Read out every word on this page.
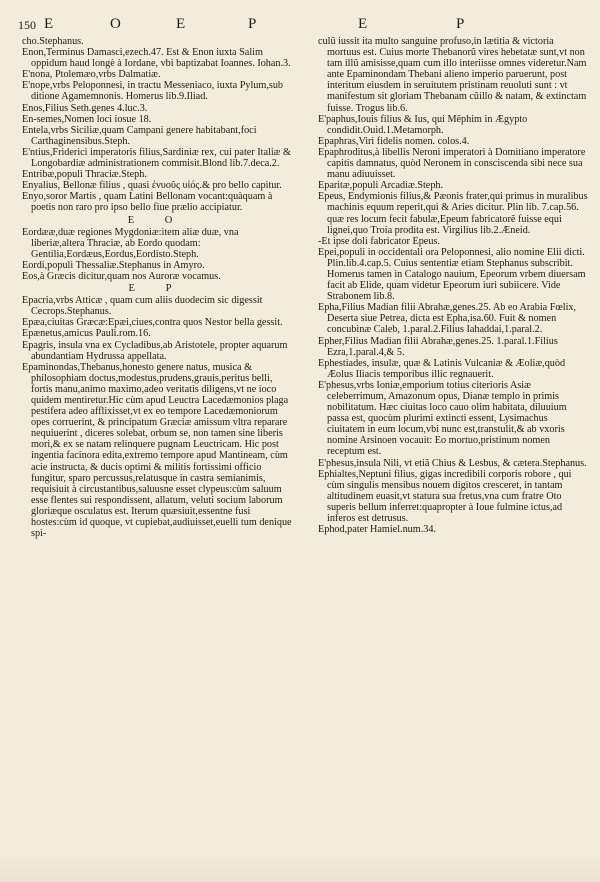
150 E	O	E	P	E	P

cho.Stephanus.

Enon,Terminus Damasci,ezech.47. Est & Enon iuxta Salim oppidum haud longè à Iordane, vbi baptizabat Ioannes. Iohan.3.

E'nona, Ptolemæo,vrbs Dalmatiæ.

E'nope,vrbs Peloponnesi, in tractu Messeniaco, iuxta Pylum,sub ditione Agamemnonis. Homerus lib.9.Iliad.

Enos,Filius Seth.genes 4.luc.3.

En-semes,Nomen loci iosue 18.

Entela,vrbs Siciliæ,quam Campani genere habitabant,foci Carthaginensibus.Steph.

E'ntius,Friderici imperatoris filius,Sardiniæ rex, cui pater Italiæ & Longobardiæ administrationem commisit.Blond lib.7.deca.2.

Entribæ,populi Thraciæ.Steph.

Enyalius, Bellonæ filius , quasi ἐνυοῦς υἱός.& pro bello capitur.

Enyo,soror Martis , quam Latini Bellonam vocant:quàquam à poetis non raro pro ipso bello fiue prælio accipiatur.

E O

Eordææ,duæ regiones Mygdoniæ:item aliæ duæ, vna liberiæ,altera Thraciæ, ab Eordo quodam: Gentilia,Eordæus,Eordus,Eordisto.Steph.

Eordi,populi Thessaliæ.Stephanus in Amyro.

Eos,à Græcis dicitur,quam nos Auroræ vocamus.

E P

Epacria,vrbs Atticæ , quam cum aliis duodecim sic digessit Cecrops.Stephanus.

Epæa,ciuitas Græcæ:Epæi,ciues,contra quos Nestor bella gessit.

Epænetus,amicus Pauli.rom.16.

Epagris, insula vna ex Cycladibus,ab Aristotele, propter aquarum abundantiam Hydrussa appellata.

Epaminondas,Thebanus,honesto genere natus, musica & philosophiam doctus,modestus,prudens,grauis,peritus belli, fortis manu,animo maximo,adeo veritatis diligens,vt ne ioco quidem mentiretur.Hic cùm apud Leuctra Lacedæmonios plaga pestifera adeo afflixisset,vt ex eo tempore Lacedæmoniorum opes corruerint, & principatum Græciæ amissum vltra reparare nequiuerint , diceres solebat, orbum se, non tamen sine liberis mori,& ex se natam relinquere pugnam Leuctricam. Hic post ingentia facinora edita,extremo tempore apud Mantineam, cùm acie instructa, & ducis optimi & militis fortissimi officio fungitur, sparo percussus,relatusque in castra semianimis, requisiuit à circustantibus,saluusne esset clypeus:cùm saluum esse flentes sui respondissent, allatum, veluti socium laborum gloriæque osculatus est. Iterum quæsiuit,essentne fusi hostes:cùm id quoque, vt cupiebat,audiuisset,euelli tum denique spi-

culũ iussit ita multo sanguine profuso,in lætitia & victoria mortuus est. Cuius morte Thebanorũ vires hebetatæ sunt,vt non tam illũ amisisse,quam cum illo interiisse omnes videretur.Nam ante Epaminondam Thebani alieno imperio paruerunt, post interitum eiusdem in seruitutem pristinam reuoluti sunt : vt manifestum sit gloriam Thebanam cũillo & natam, & extinctam fuisse. Trogus lib.6.

E'paphus,Iouis filius & Ius, qui Mẽphim in Ægypto condidit.Ouid.1.Metamorph.

Epaphras,Viri fidelis nomen. colos.4.

Epaphroditus,à libellis Neroni imperatori à Domitiano imperatore capitis damnatus, quòd Neronem in consciscenda sibi nece sua manu adiuuisset.

Eparitæ,populi Arcadiæ.Steph.

Epeus, Endymionis filius,& Pæonis frater,qui primus in muralibus machinis equum reperit,qui & Aries dicitur. Plin lib. 7.cap.56. quæ res locum fecit fabulæ,Epeum fabricatorẽ fuisse equi lignei,quo Troia prodita est. Virgilius lib.2.Æneid.

-Et ipse doli fabricator Epeus.

Epei,populi in occidentali ora Peloponnesi, alio nomine Elii dicti. Plin.lib.4.cap.5. Cuius sententiæ etiam Stephanus subscribit. Homerus tamen in Catalogo nauium, Epeorum vrbem diuersam facit ab Elide, quam videtur Epeorum iuri subiicere. Vide Strabonem lib.8.

Epha,Filius Madian filii Abrahæ,genes.25. Ab eo Arabia Fœlix, Deserta siue Petrea, dicta est Epha,isa.60. Fuit & nomen concubinæ Caleb, 1.paral.2.Filius Iahaddai,1.paral.2.

Epher,Filius Madian filii Abrahæ,genes.25. 1.paral.1.Filius Ezra,1.paral.4,& 5.

Ephestiades, insulæ, quæ & Latinis Vulcaniæ & Æoliæ,quòd Æolus Iliacis temporibus illic regnauerit.

E'phesus,vrbs Ioniæ,emporium totius citerioris Asiæ celeberrimum, Amazonum opus, Dianæ templo in primis nobilitatum. Hæc ciuitas loco cauo olim habitata, diluuium passa est, quocùm plurimi extincti essent, Lysimachus ciuitatem in eum locum,vbi nunc est,transtulit,& ab vxoris nomine Arsinoen vocauit: Eo mortuo,pristinum nomen receptum est.

E'phesus,insula Nili, vt etiã Chius & Lesbus, & cætera.Stephanus.

Ephialtes,Neptuni filius, gigas incredibili corporis robore , qui cùm singulis mensibus nouem digitos cresceret, in tantam altitudinem euasit,vt statura sua fretus,vna cum fratre Oto superis bellum inferret:quapropter à Ioue fulmine ictus,ad inferos est detrusus.

Ephod,pater Hamiel.num.34.
